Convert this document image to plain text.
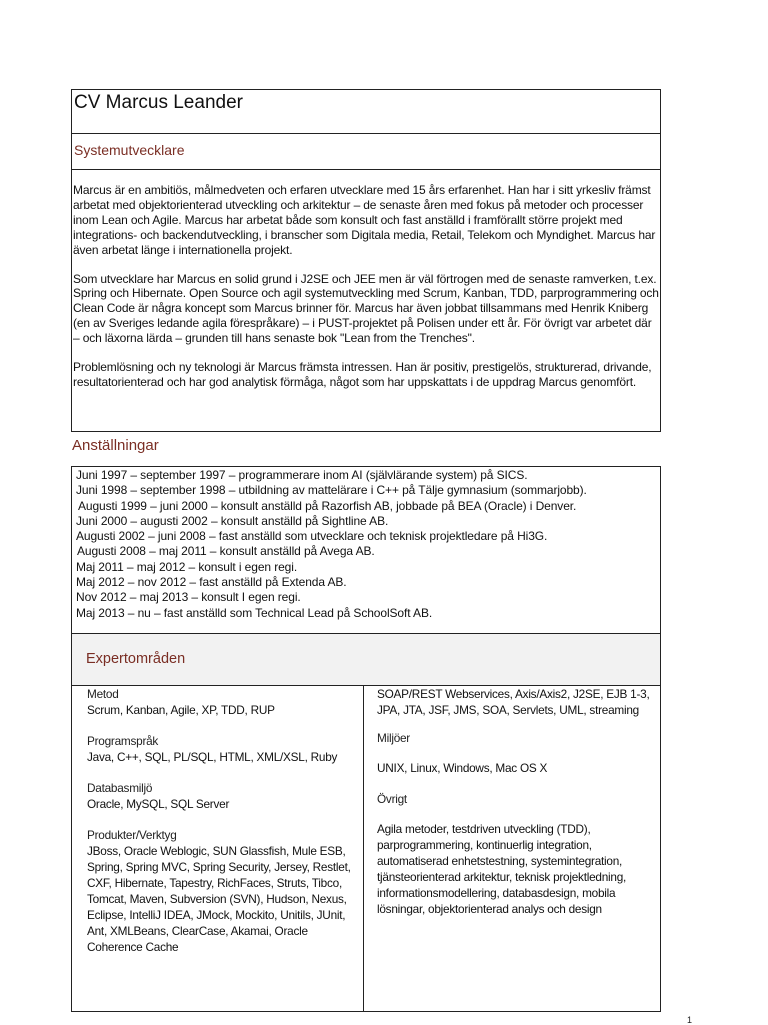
CV Marcus Leander
Systemutvecklare

Marcus är en ambitiös, målmedveten och erfaren utvecklare med 15 års erfarenhet. Han har i sitt yrkesliv främst arbetat med objektorienterad utveckling och arkitektur – de senaste åren med fokus på metoder och processer inom Lean och Agile. Marcus har arbetat både som konsult och fast anställd i framförallt större projekt med integrations- och backendutveckling, i branscher som Digitala media, Retail, Telekom och Myndighet. Marcus har även arbetat länge i internationella projekt.

Som utvecklare har Marcus en solid grund i J2SE och JEE men är väl förtrogen med de senaste ramverken, t.ex. Spring och Hibernate. Open Source och agil systemutveckling med Scrum, Kanban, TDD, parprogrammering och Clean Code är några koncept som Marcus brinner för. Marcus har även jobbat tillsammans med Henrik Kniberg (en av Sveriges ledande agila förespråkare) – i PUST-projektet på Polisen under ett år. För övrigt var arbetet där – och läxorna lärda – grunden till hans senaste bok "Lean from the Trenches".

Problemlösning och ny teknologi är Marcus främsta intressen. Han är positiv, prestigelös, strukturerad, drivande, resultatorienterad och har god analytisk förmåga, något som har uppskattats i de uppdrag Marcus genomfört.

Anställningar
Juni 1997 – september 1997 – programmerare inom AI (självlärande system) på SICS.
Juni 1998 – september 1998 – utbildning av mattelärare i C++ på Tälje gymnasium (sommarjobb).
Augusti 1999 – juni 2000 – konsult anställd på Razorfish AB, jobbade på BEA (Oracle) i Denver.
Juni 2000 – augusti 2002 – konsult anställd på Sightline AB.
Augusti 2002 – juni 2008 – fast anställd som utvecklare och teknisk projektledare på Hi3G.
Augusti 2008 – maj 2011 – konsult anställd på Avega AB.
Maj 2011 – maj 2012 – konsult i egen regi.
Maj 2012 – nov 2012 – fast anställd på Extenda AB.
Nov 2012 – maj 2013 – konsult I egen regi.
Maj 2013 – nu – fast anställd som Technical Lead på SchoolSoft AB.
Expertområden
Metod
Scrum, Kanban, Agile, XP, TDD, RUP
Programspråk
Java, C++, SQL, PL/SQL, HTML, XML/XSL, Ruby
Databasmiljö
Oracle, MySQL, SQL Server
Produkter/Verktyg
JBoss, Oracle Weblogic, SUN Glassfish, Mule ESB, Spring, Spring MVC, Spring Security, Jersey, Restlet, CXF, Hibernate, Tapestry, RichFaces, Struts, Tibco, Tomcat, Maven, Subversion (SVN), Hudson, Nexus, Eclipse, IntelliJ IDEA, JMock, Mockito, Unitils, JUnit, Ant, XMLBeans, ClearCase, Akamai, Oracle Coherence Cache
SOAP/REST Webservices, Axis/Axis2, J2SE, EJB 1-3, JPA, JTA, JSF, JMS, SOA, Servlets, UML, streaming
Miljöer
UNIX, Linux, Windows, Mac OS X
Övrigt
Agila metoder, testdriven utveckling (TDD), parprogrammering, kontinuerlig integration, automatiserad enhetstestning, systemintegration, tjänsteorienterad arkitektur, teknisk projektledning, informationsmodellering, databasdesign, mobila lösningar, objektorienterad analys och design
1
